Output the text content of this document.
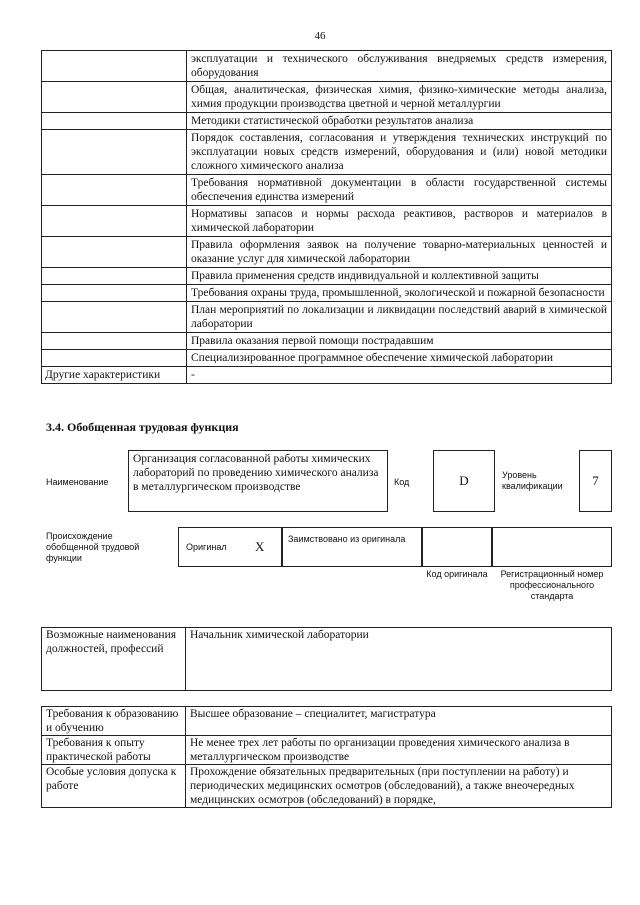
46
	эксплуатации и технического обслуживания внедряемых средств измерения, оборудования
	Общая, аналитическая, физическая химия, физико-химические методы анализа, химия продукции производства цветной и черной металлургии
	Методики статистической обработки результатов анализа
	Порядок составления, согласования и утверждения технических инструкций по эксплуатации новых средств измерений, оборудования и (или) новой методики сложного химического анализа
	Требования нормативной документации в области государственной системы обеспечения единства измерений
	Нормативы запасов и нормы расхода реактивов, растворов и материалов в химической лаборатории
	Правила оформления заявок на получение товарно-материальных ценностей и оказание услуг для химической лаборатории
	Правила применения средств индивидуальной и коллективной защиты
	Требования охраны труда, промышленной, экологической и пожарной безопасности
	План мероприятий по локализации и ликвидации последствий аварий в химической лаборатории
	Правила оказания первой помощи пострадавшим
	Специализированное программное обеспечение химической лаборатории
Другие характеристики	-
3.4. Обобщенная трудовая функция
Наименование
Организация согласованной работы химических лабораторий по проведению химического анализа в металлургическом производстве	Код	D	Уровень квалификации	7
Происхождение обобщенной трудовой функции
Оригинал X	Заимствовано из оригинала
Код оригинала	Регистрационный номер профессионального стандарта
Возможные наименования должностей, профессий	Начальник химической лаборатории
Требования к образованию и обучению	Высшее образование – специалитет, магистратура
Требования к опыту практической работы	Не менее трех лет работы по организации проведения химического анализа в металлургическом производстве
Особые условия допуска к работе	Прохождение обязательных предварительных (при поступлении на работу) и периодических медицинских осмотров (обследований), а также внеочередных медицинских осмотров (обследований) в порядке,
